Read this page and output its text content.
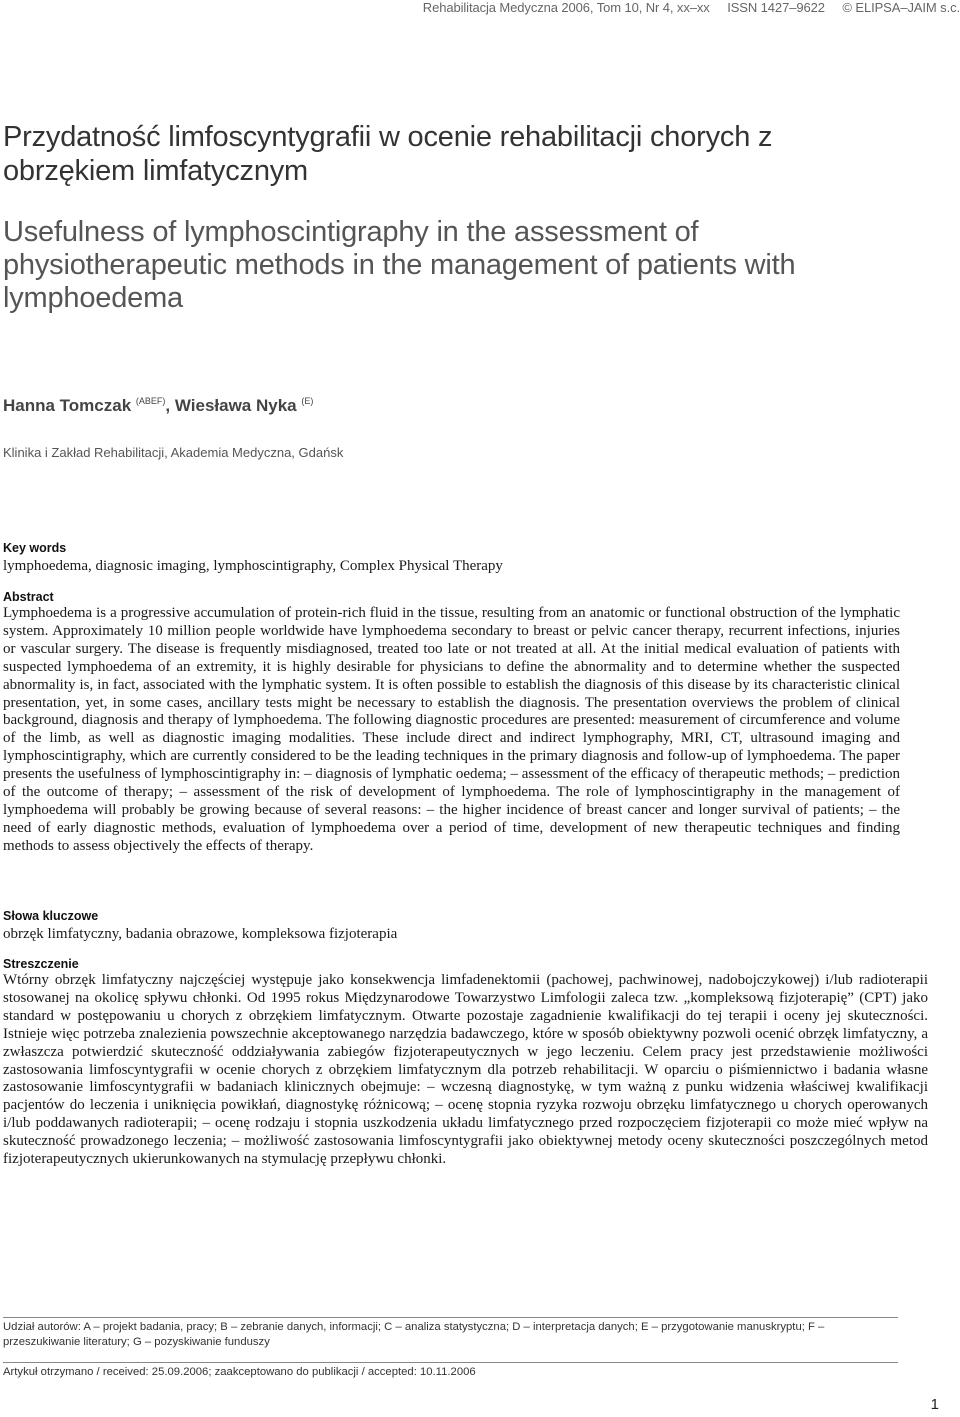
Rehabilitacja Medyczna 2006, Tom 10, Nr 4, xx–xx     ISSN 1427–9622     © ELIPSA–JAIM s.c.
Przydatność limfoscyntygrafii w ocenie rehabilitacji chorych z obrzękiem limfatycznym
Usefulness of lymphoscintigraphy in the assessment of physiotherapeutic methods in the management of patients with lymphoedema
Hanna Tomczak $^{(ABEF)}$, Wiesława Nyka $^{(E)}$
Klinika i Zakład Rehabilitacji, Akademia Medyczna, Gdańsk
Key words

lymphoedema, diagnosic imaging, lymphoscintigraphy, Complex Physical Therapy

Abstract

Lymphoedema is a progressive accumulation of protein-rich fluid in the tissue, resulting from an anatomic or functional obstruction of the lymphatic system. Approximately 10 million people worldwide have lymphoedema secondary to breast or pelvic cancer therapy, recurrent infections, injuries or vascular surgery. The disease is frequently misdiagnosed, treated too late or not treated at all. At the initial medical evaluation of patients with suspected lymphoedema of an extremity, it is highly desirable for physicians to define the abnormality and to determine whether the suspected abnormality is, in fact, associated with the lymphatic system. It is often possible to establish the diagnosis of this disease by its characteristic clinical presentation, yet, in some cases, ancillary tests might be necessary to establish the diagnosis. The presentation overviews the problem of clinical background, diagnosis and therapy of lymphoedema. The following diagnostic procedures are presented: measurement of circumference and volume of the limb, as well as diagnostic imaging modalities. These include direct and indirect lymphography, MRI, CT, ultrasound imaging and lymphoscintigraphy, which are currently considered to be the leading techniques in the primary diagnosis and follow-up of lymphoedema. The paper presents the usefulness of lymphoscintigraphy in: – diagnosis of lymphatic oedema; – assessment of the efficacy of therapeutic methods; – prediction of the outcome of therapy; – assessment of the risk of development of lymphoedema. The role of lymphoscintigraphy in the management of lymphoedema will probably be growing because of several reasons: – the higher incidence of breast cancer and longer survival of patients; – the need of early diagnostic methods, evaluation of lymphoedema over a period of time, development of new therapeutic techniques and finding methods to assess objectively the effects of therapy.

Słowa kluczowe

obrzęk limfatyczny, badania obrazowe, kompleksowa fizjoterapia

Streszczenie

Wtórny obrzęk limfatyczny najczęściej występuje jako konsekwencja limfadenektomii (pachowej, pachwinowej, nadobojczykowej) i/lub radioterapii stosowanej na okolicę spływu chłonki. Od 1995 rokus Międzynarodowe Towarzystwo Limfologii zaleca tzw. „kompleksową fizjoterapię” (CPT) jako standard w postępowaniu u chorych z obrzękiem limfatycznym. Otwarte pozostaje zagadnienie kwalifikacji do tej terapii i oceny jej skuteczności. Istnieje więc potrzeba znalezienia powszechnie akceptowanego narzędzia badawczego, które w sposób obiektywny pozwoli ocenić obrzęk limfatyczny, a zwłaszcza potwierdzić skuteczność oddziaływania zabiegów fizjoterapeutycznych w jego leczeniu. Celem pracy jest przedstawienie możliwości zastosowania limfoscyntygrafii w ocenie chorych z obrzękiem limfatycznym dla potrzeb rehabilitacji. W oparciu o piśmiennictwo i badania własne zastosowanie limfoscyntygrafii w badaniach klinicznych obejmuje: – wczesną diagnostykę, w tym ważną z punku widzenia właściwej kwalifikacji pacjentów do leczenia i uniknięcia powikłań, diagnostykę różnicową; – ocenę stopnia ryzyka rozwoju obrzęku limfatycznego u chorych operowanych i/lub poddawanych radioterapii; – ocenę rodzaju i stopnia uszkodzenia układu limfatycznego przed rozpoczęciem fizjoterapii co może mieć wpływ na skuteczność prowadzonego leczenia; – możliwość zastosowania limfoscyntygrafii jako obiektywnej metody oceny skuteczności poszczególnych metod fizjoterapeutycznych ukierunkowanych na stymulację przepływu chłonki.

Udział autorów: A – projekt badania, pracy; B – zebranie danych, informacji; C – analiza statystyczna; D – interpretacja danych; E – przygotowanie manuskryptu; F – przeszukiwanie literatury; G – pozyskiwanie funduszy
Artykuł otrzymano / received: 25.09.2006; zaakceptowano do publikacji / accepted: 10.11.2006
1
